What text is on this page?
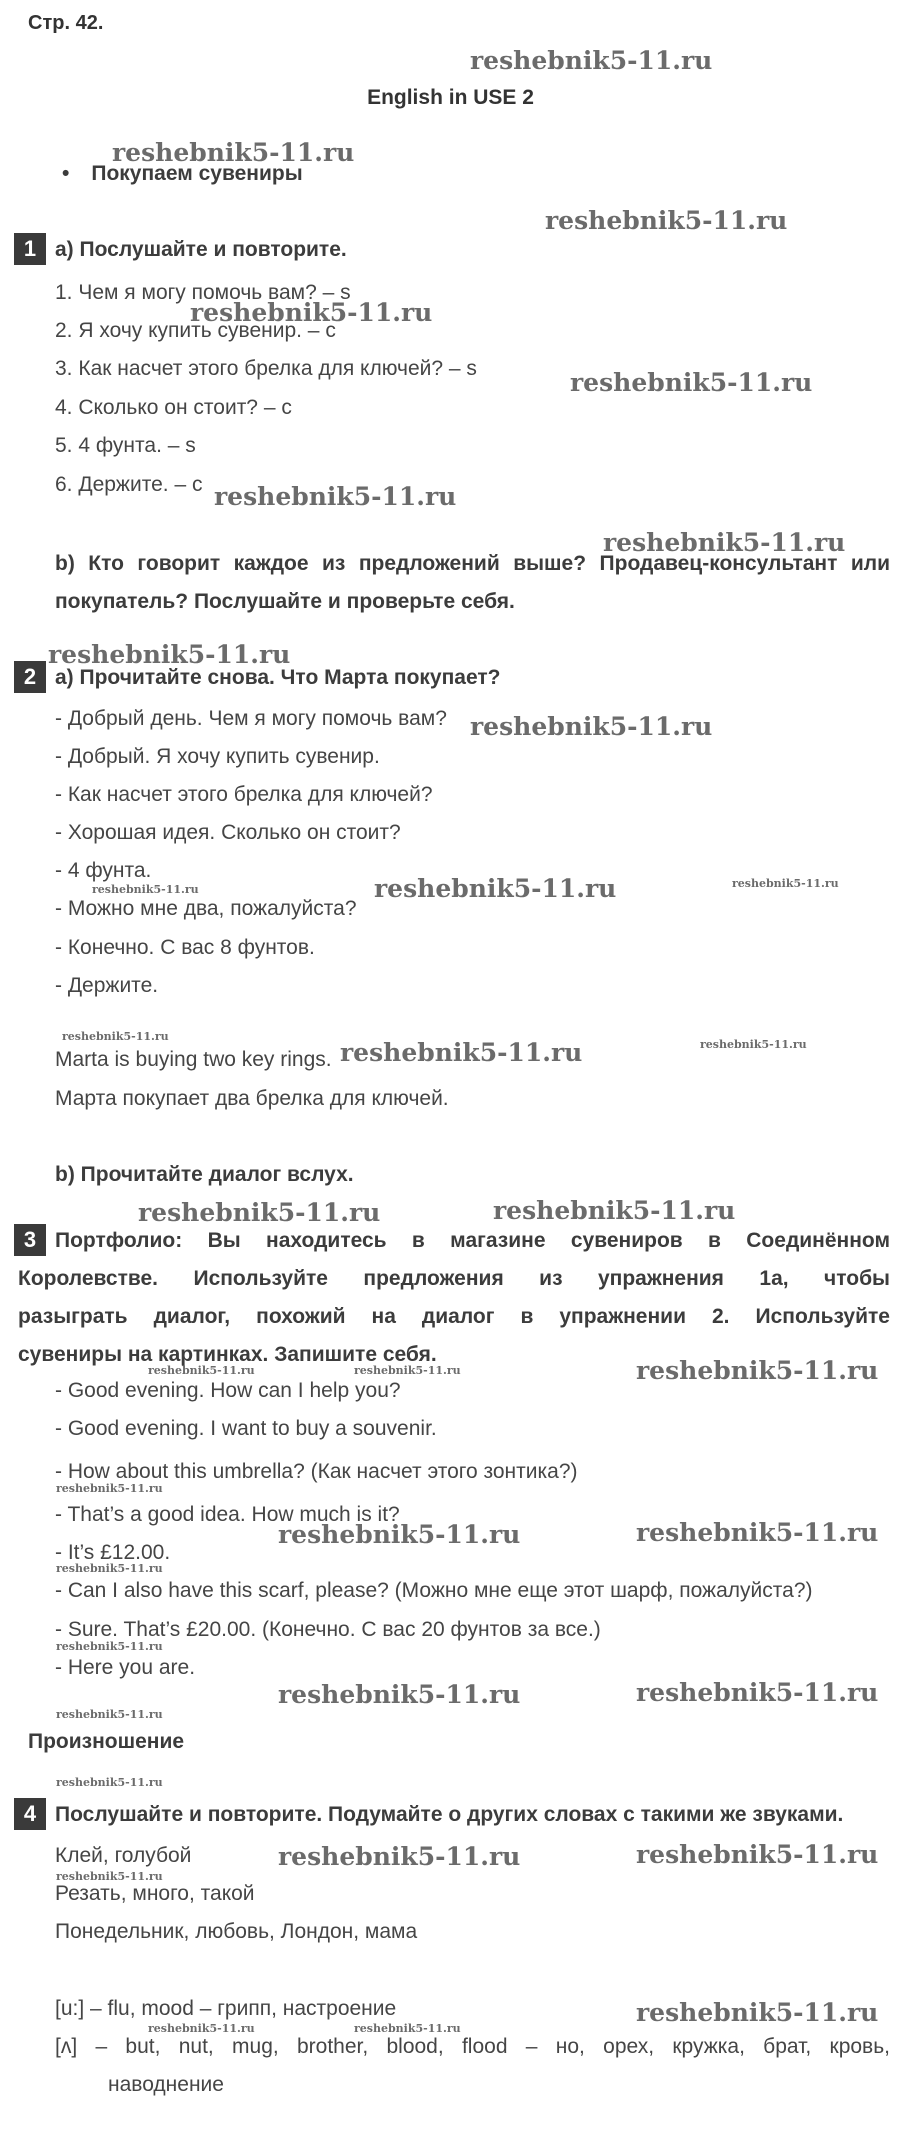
Стр. 42.
English in USE 2
• Покупаем сувениры
1 a) Послушайте и повторите.
1. Чем я могу помочь вам? – s
2. Я хочу купить сувенир. – с
3. Как насчет этого брелка для ключей? – s
4. Сколько он стоит? – с
5. 4 фунта. – s
6. Держите. – с
b) Кто говорит каждое из предложений выше? Продавец-консультант или
покупатель? Послушайте и проверьте себя.
2 a) Прочитайте снова. Что Марта покупает?
- Добрый день. Чем я могу помочь вам?
- Добрый. Я хочу купить сувенир.
- Как насчет этого брелка для ключей?
- Хорошая идея. Сколько он стоит?
- 4 фунта.
- Можно мне два, пожалуйста?
- Конечно. С вас 8 фунтов.
- Держите.
Marta is buying two key rings.
Марта покупает два брелка для ключей.
b) Прочитайте диалог вслух.
3 Портфолио: Вы находитесь в магазине сувениров в Соединённом
Королевстве. Используйте предложения из упражнения 1a, чтобы
разыграть диалог, похожий на диалог в упражнении 2. Используйте
сувениры на картинках. Запишите себя.
- Good evening. How can I help you?
- Good evening. I want to buy a souvenir.
- How about this umbrella? (Как насчет этого зонтика?)
- That’s a good idea. How much is it?
- It’s £12.00.
- Can I also have this scarf, please? (Можно мне еще этот шарф, пожалуйста?)
- Sure. That’s £20.00. (Конечно. С вас 20 фунтов за все.)
- Here you are.
Произношение
4 Послушайте и повторите. Подумайте о других словах с такими же звуками.
Клей, голубой
Резать, много, такой
Понедельник, любовь, Лондон, мама
[u:] – flu, mood – грипп, настроение
[ʌ] – but, nut, mug, brother, blood, flood – но, орех, кружка, брат, кровь,
наводнение
reshebnik5-11.ru
reshebnik5-11.ru
reshebnik5-11.ru
reshebnik5-11.ru
reshebnik5-11.ru
reshebnik5-11.ru
reshebnik5-11.ru
reshebnik5-11.ru
reshebnik5-11.ru
reshebnik5-11.ru	reshebnik5-11.ru
reshebnik5-11.ru
reshebnik5-11.ru
reshebnik5-11.ru	reshebnik5-11.ru
reshebnik5-11.ru	reshebnik5-11.ru
reshebnik5-11.ru	reshebnik5-11.ru	reshebnik5-11.ru
reshebnik5-11.ru
reshebnik5-11.ru	reshebnik5-11.ru
reshebnik5-11.ru
reshebnik5-11.ru
reshebnik5-11.ru	reshebnik5-11.ru
reshebnik5-11.ru
reshebnik5-11.ru
reshebnik5-11.ru	reshebnik5-11.ru
reshebnik5-11.ru
reshebnik5-11.ru
reshebnik5-11.ru	reshebnik5-11.ru
